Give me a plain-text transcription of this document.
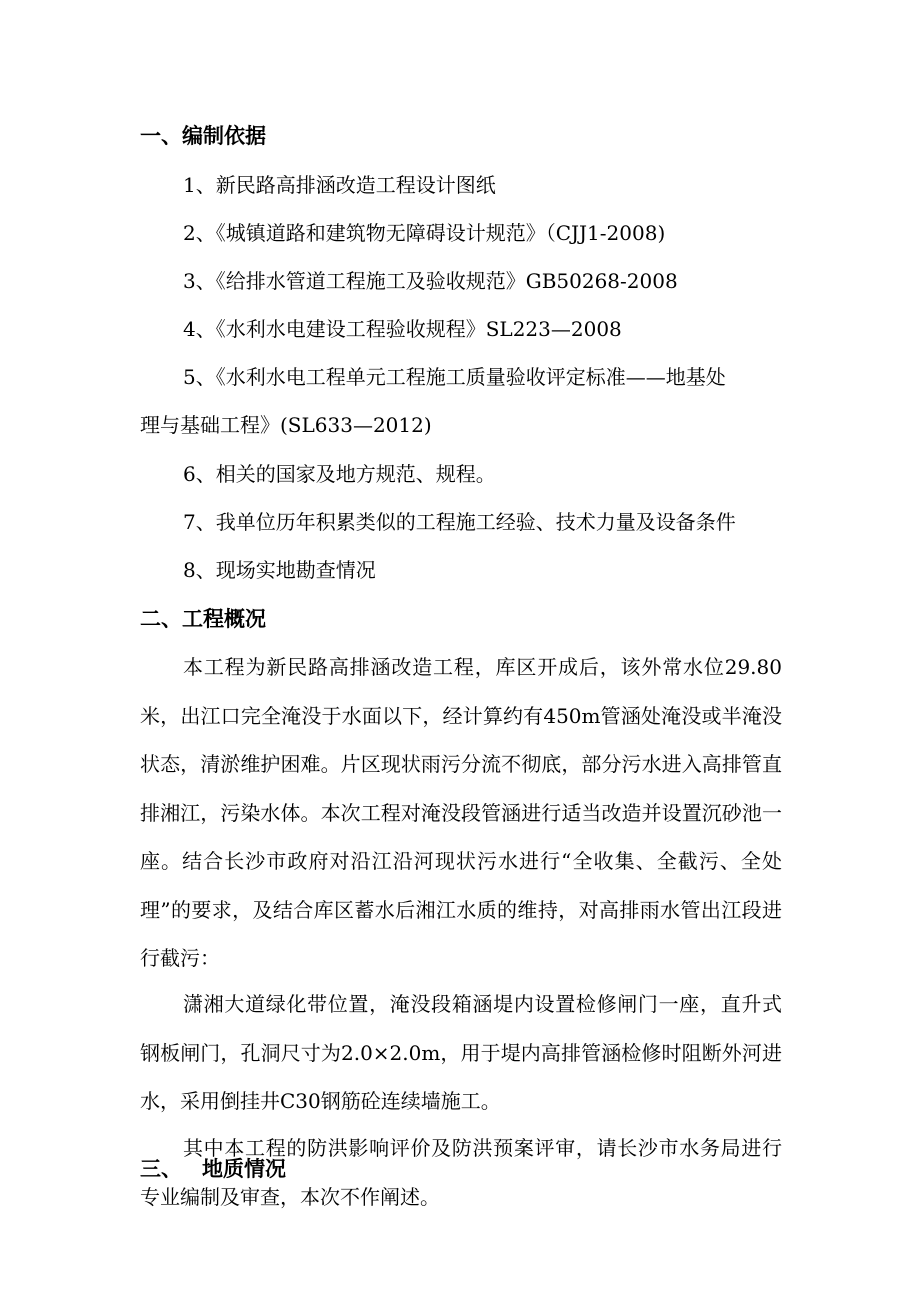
一、编制依据
1、新民路高排涵改造工程设计图纸
2、《城镇道路和建筑物无障碍设计规范》（CJJ1-2008)
3、《给排水管道工程施工及验收规范》GB50268-2008
4、《水利水电建设工程验收规程》SL223—2008
5、《水利水电工程单元工程施工质量验收评定标准——地基处
理与基础工程》(SL633—2012)
6、相关的国家及地方规范、规程。
7、我单位历年积累类似的工程施工经验、技术力量及设备条件
8、现场实地勘查情况
二、工程概况
本工程为新民路高排涵改造工程，库区开成后，该外常水位29.80米，出江口完全淹没于水面以下，经计算约有450m管涵处淹没或半淹没状态，清淤维护困难。片区现状雨污分流不彻底，部分污水进入高排管直排湘江，污染水体。本次工程对淹没段管涵进行适当改造并设置沉砂池一座。结合长沙市政府对沿江沿河现状污水进行“全收集、全截污、全处理”的要求，及结合库区蓄水后湘江水质的维持，对高排雨水管出江段进行截污：
潇湘大道绿化带位置，淹没段箱涵堤内设置检修闸门一座，直升式钢板闸门，孔洞尺寸为2.0×2.0m，用于堤内高排管涵检修时阻断外河进水，采用倒挂井C30钢筋砼连续墙施工。
其中本工程的防洪影响评价及防洪预案评审，请长沙市水务局进行专业编制及审查，本次不作阐述。
三、 地质情况
